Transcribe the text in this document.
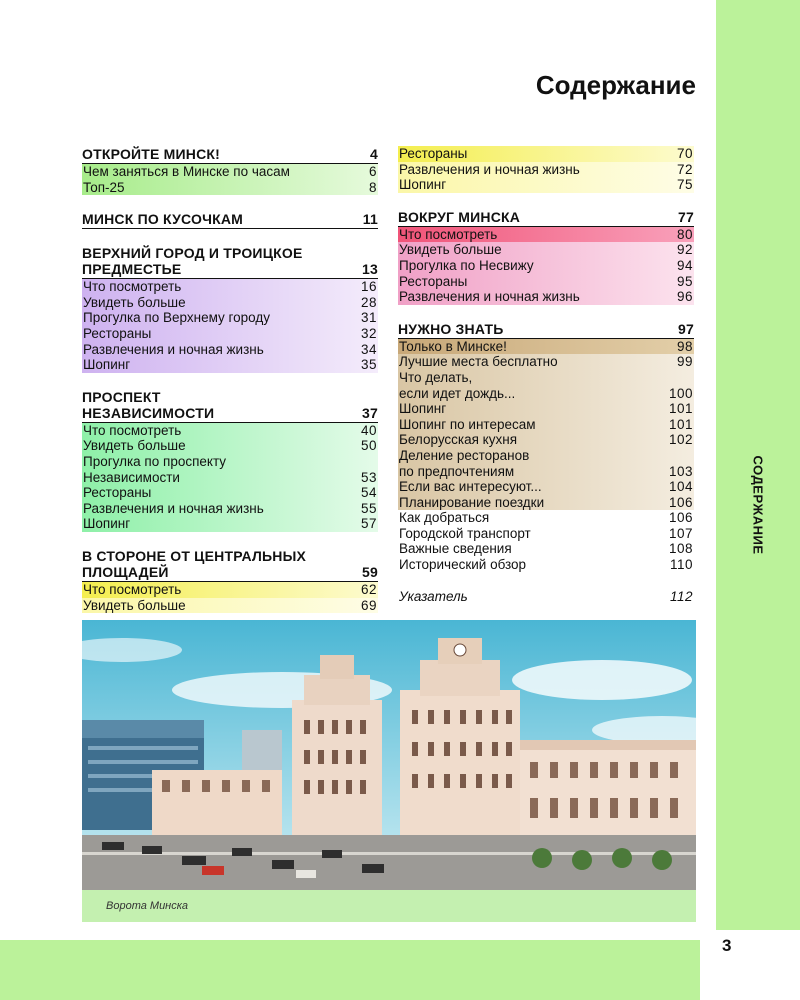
3
СОДЕРЖАНИЕ
Содержание
ОТКРОЙТЕ МИНСК!	4
Чем заняться в Минске по часам	6
Топ-25	8
МИНСК ПО КУСОЧКАМ	11
ВЕРХНИЙ ГОРОД И ТРОИЦКОЕ
ПРЕДМЕСТЬЕ	13
Что посмотреть	16
Увидеть больше	28
Прогулка по Верхнему городу	31
Рестораны	32
Развлечения и ночная жизнь	34
Шопинг	35
ПРОСПЕКТ
НЕЗАВИСИМОСТИ	37
Что посмотреть	40
Увидеть больше	50
Прогулка по проспекту
Независимости	53
Рестораны	54
Развлечения и ночная жизнь	55
Шопинг	57
В СТОРОНЕ ОТ ЦЕНТРАЛЬНЫХ
ПЛОЩАДЕЙ	59
Что посмотреть	62
Увидеть больше	69
Рестораны	70
Развлечения и ночная жизнь	72
Шопинг	75
ВОКРУГ МИНСКА	77
Что посмотреть	80
Увидеть больше	92
Прогулка по Несвижу	94
Рестораны	95
Развлечения и ночная жизнь	96
НУЖНО ЗНАТЬ	97
Только в Минске!	98
Лучшие места бесплатно	99
Что делать,
если идет дождь...	100
Шопинг	101
Шопинг по интересам	101
Белорусская кухня	102
Деление ресторанов
по предпочтениям	103
Если вас интересуют...	104
Планирование поездки	106
Как добраться	106
Городской транспорт	107
Важные сведения	108
Исторический обзор	110
Указатель	112
Ворота Минска
